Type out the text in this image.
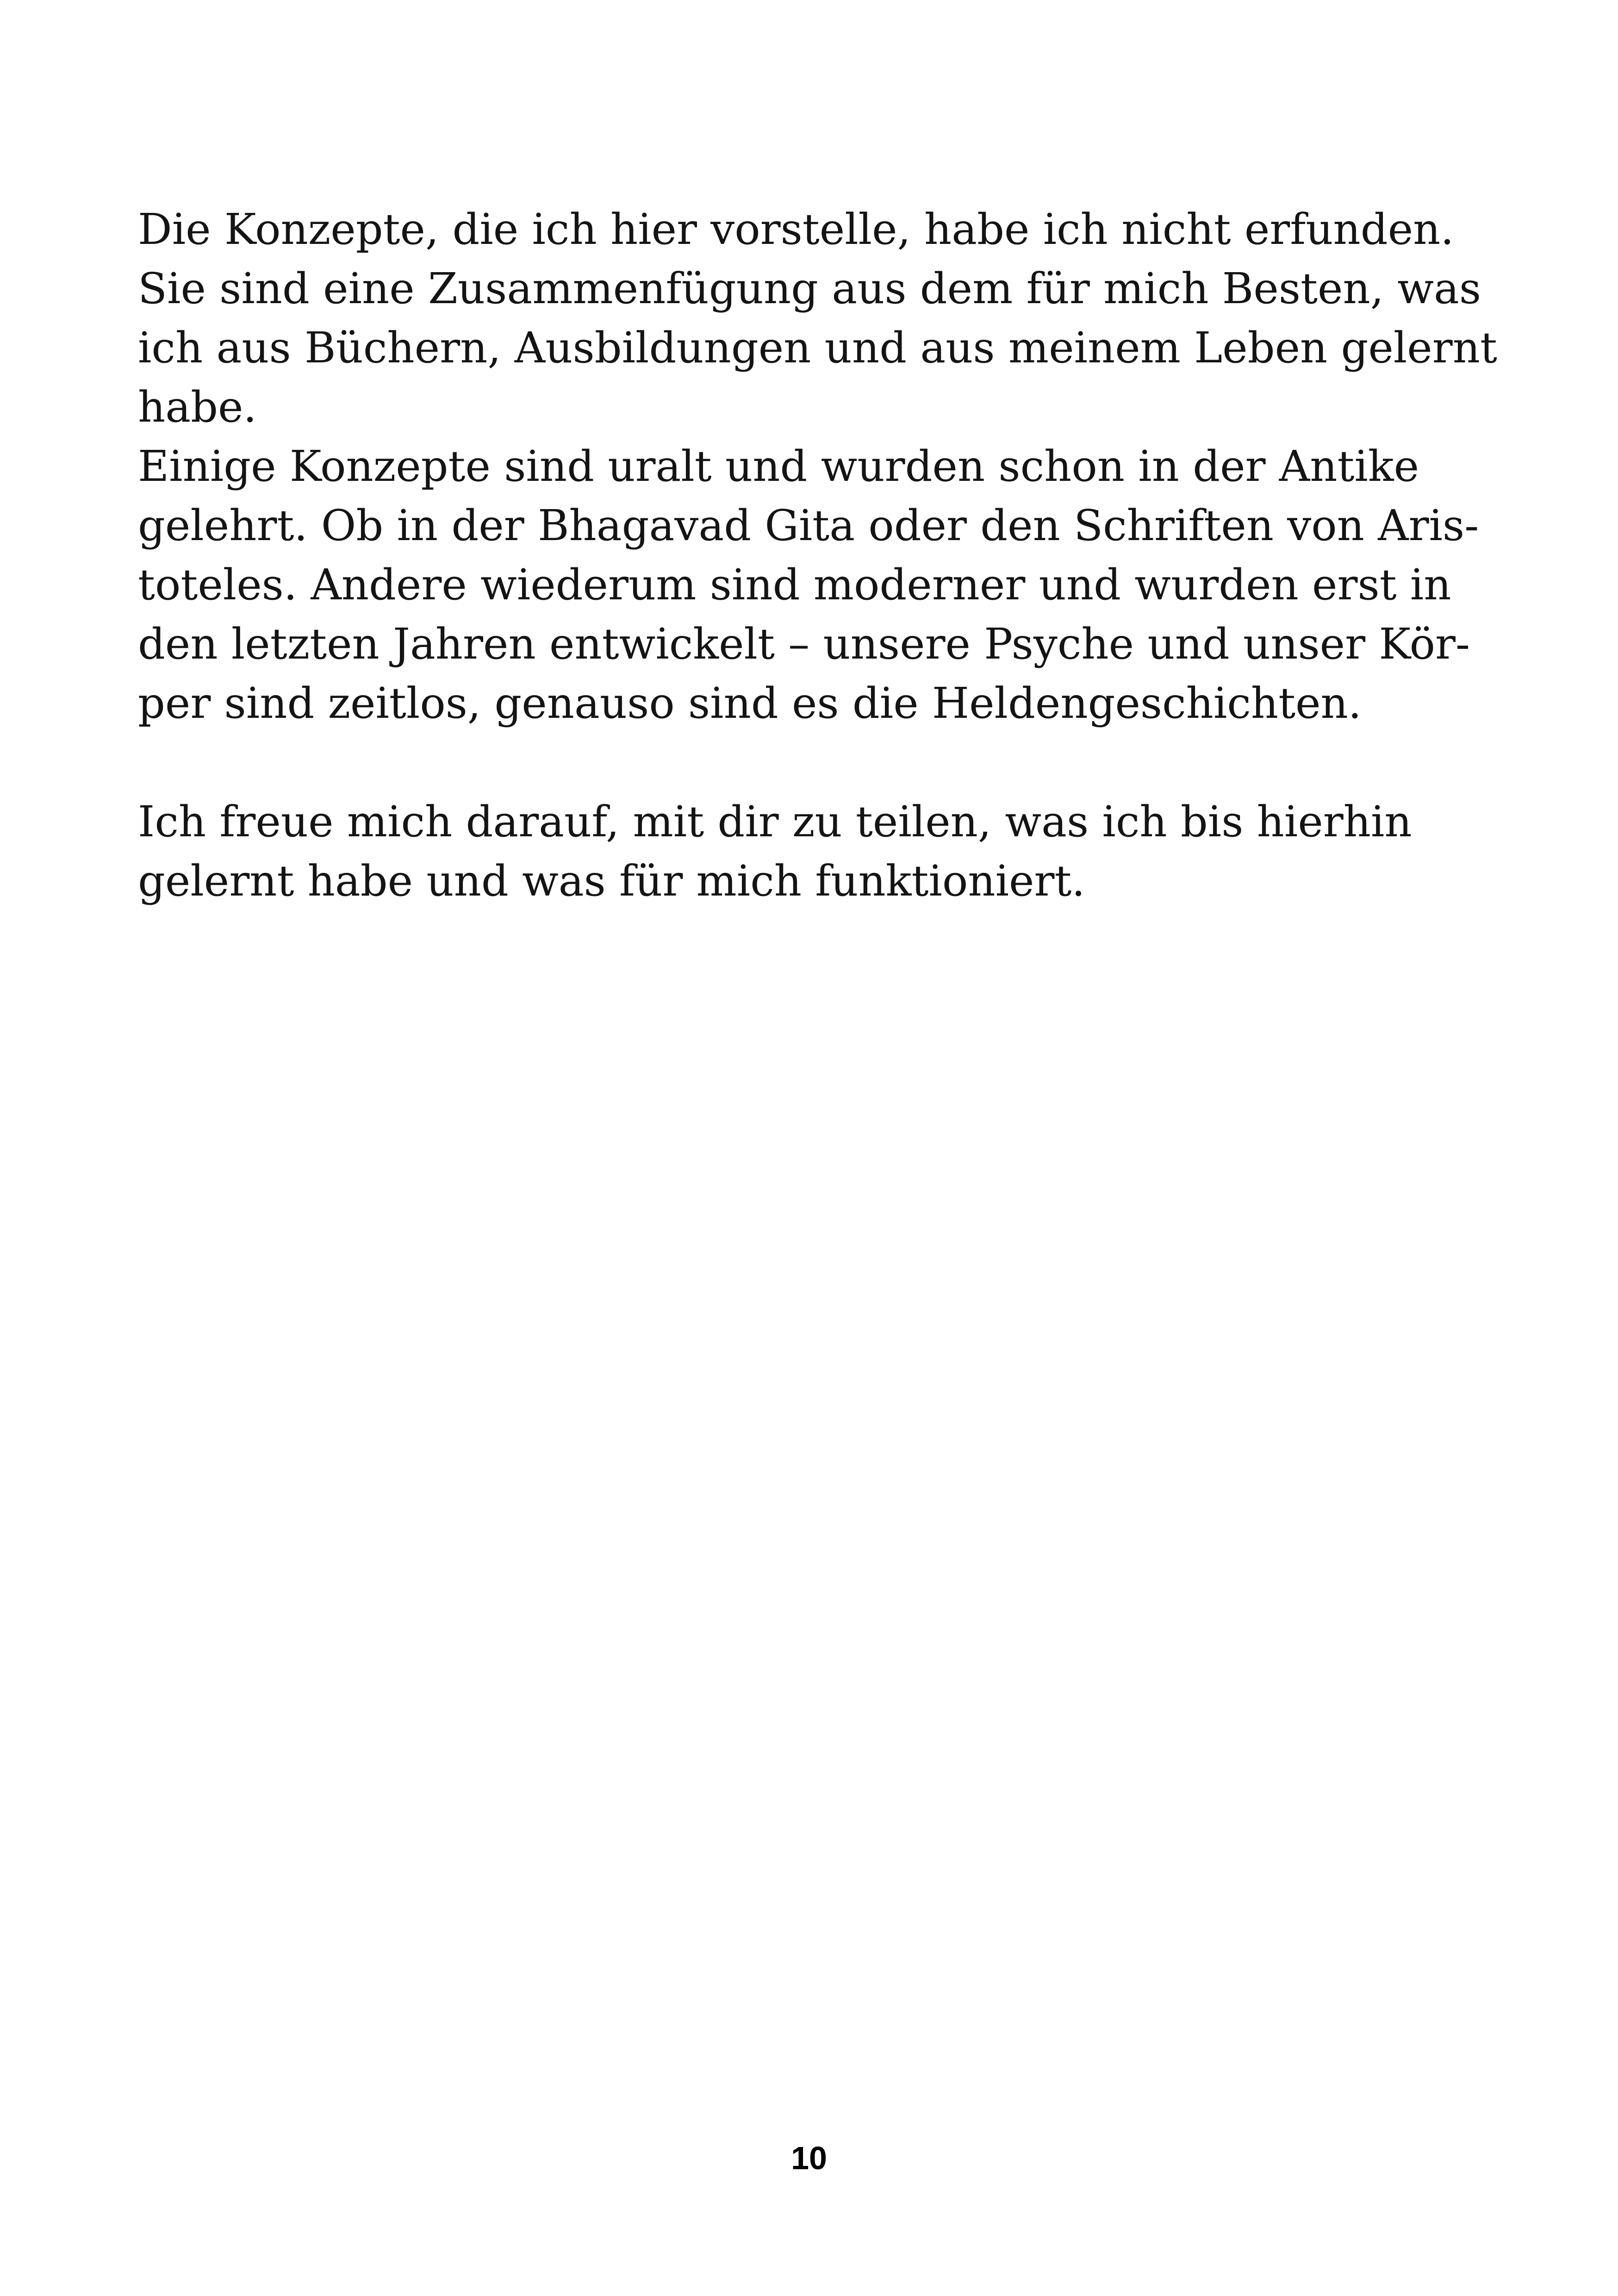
Die Konzepte, die ich hier vorstelle, habe ich nicht erfunden.
Sie sind eine Zusammenfügung aus dem für mich Besten, was
ich aus Büchern, Ausbildungen und aus meinem Leben gelernt
habe.
Einige Konzepte sind uralt und wurden schon in der Antike
gelehrt. Ob in der Bhagavad Gita oder den Schriften von Aris-
toteles. Andere wiederum sind moderner und wurden erst in
den letzten Jahren entwickelt – unsere Psyche und unser Kör-
per sind zeitlos, genauso sind es die Heldengeschichten.
Ich freue mich darauf, mit dir zu teilen, was ich bis hierhin
gelernt habe und was für mich funktioniert.
10
